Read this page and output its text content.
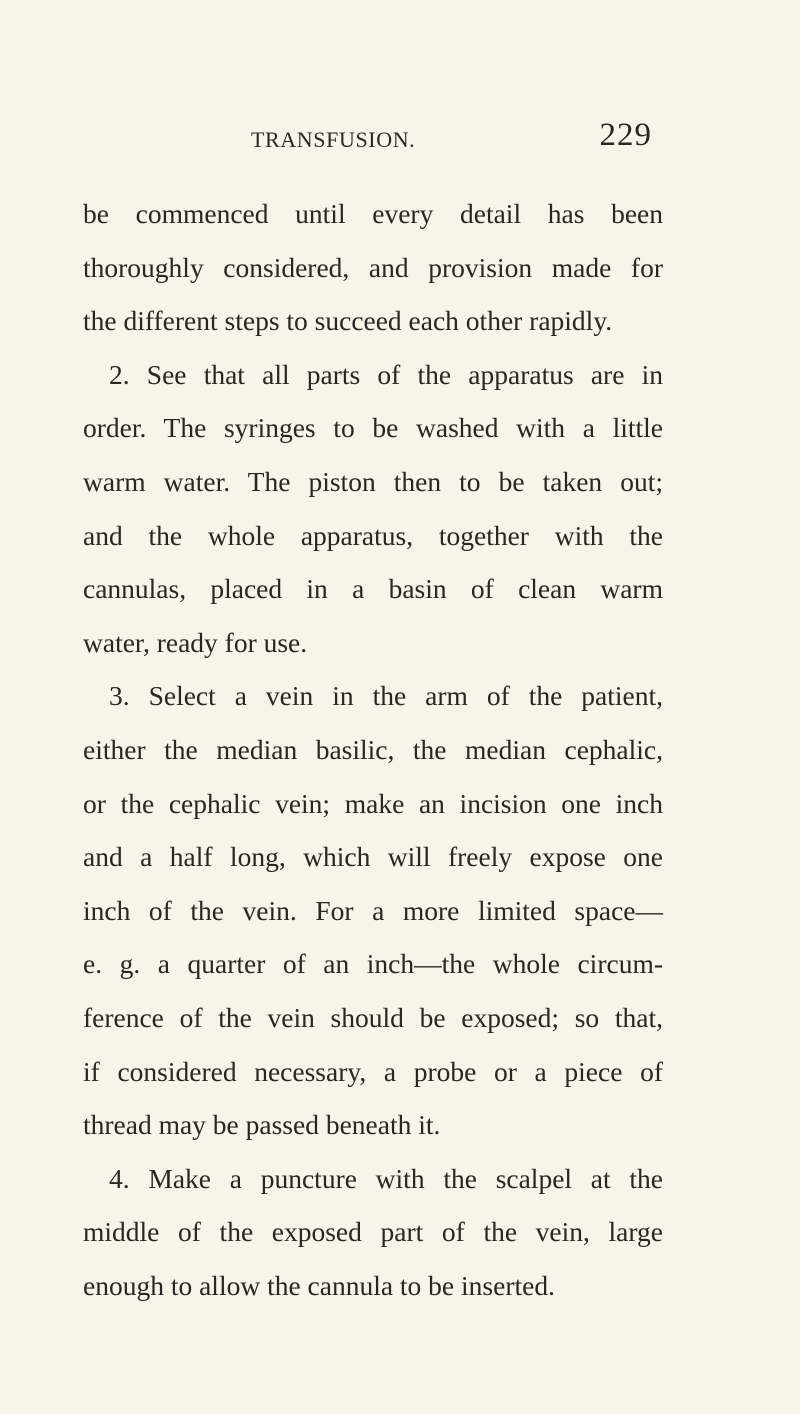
TRANSFUSION.	229
be commenced until every detail has been
thoroughly considered, and provision made for
the different steps to succeed each other rapidly.
2. See that all parts of the apparatus are in
order. The syringes to be washed with a little
warm water. The piston then to be taken out;
and the whole apparatus, together with the
cannulas, placed in a basin of clean warm
water, ready for use.
3. Select a vein in the arm of the patient,
either the median basilic, the median cephalic,
or the cephalic vein; make an incision one inch
and a half long, which will freely expose one
inch of the vein. For a more limited space—
e. g. a quarter of an inch—the whole circum-
ference of the vein should be exposed; so that,
if considered necessary, a probe or a piece of
thread may be passed beneath it.
4. Make a puncture with the scalpel at the
middle of the exposed part of the vein, large
enough to allow the cannula to be inserted.
